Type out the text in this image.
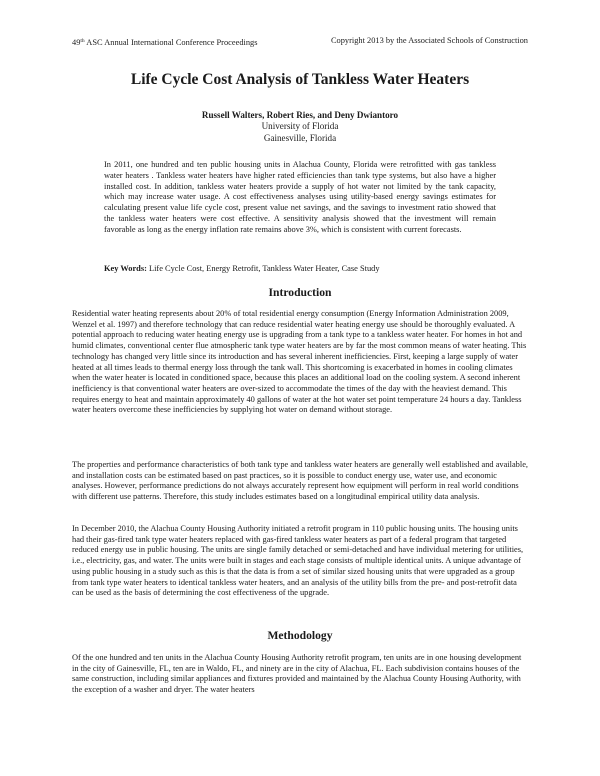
49th ASC Annual International Conference Proceedings	Copyright 2013 by the Associated Schools of Construction
Life Cycle Cost Analysis of Tankless Water Heaters
Russell Walters, Robert Ries, and Deny Dwiantoro
University of Florida
Gainesville, Florida
In 2011, one hundred and ten public housing units in Alachua County, Florida were retrofitted with gas tankless water heaters . Tankless water heaters have higher rated efficiencies than tank type systems, but also have a higher installed cost. In addition, tankless water heaters provide a supply of hot water not limited by the tank capacity, which may increase water usage. A cost effectiveness analyses using utility-based energy savings estimates for calculating present value life cycle cost, present value net savings, and the savings to investment ratio showed that the tankless water heaters were cost effective. A sensitivity analysis showed that the investment will remain favorable as long as the energy inflation rate remains above 3%, which is consistent with current forecasts.
Key Words: Life Cycle Cost, Energy Retrofit, Tankless Water Heater, Case Study
Introduction
Residential water heating represents about 20% of total residential energy consumption (Energy Information Administration 2009, Wenzel et al. 1997) and therefore technology that can reduce residential water heating energy use should be thoroughly evaluated. A potential approach to reducing water heating energy use is upgrading from a tank type to a tankless water heater. For homes in hot and humid climates, conventional center flue atmospheric tank type water heaters are by far the most common means of water heating. This technology has changed very little since its introduction and has several inherent inefficiencies. First, keeping a large supply of water heated at all times leads to thermal energy loss through the tank wall. This shortcoming is exacerbated in homes in cooling climates when the water heater is located in conditioned space, because this places an additional load on the cooling system. A second inherent inefficiency is that conventional water heaters are over-sized to accommodate the times of the day with the heaviest demand. This requires energy to heat and maintain approximately 40 gallons of water at the hot water set point temperature 24 hours a day. Tankless water heaters overcome these inefficiencies by supplying hot water on demand without storage.
The properties and performance characteristics of both tank type and tankless water heaters are generally well established and available, and installation costs can be estimated based on past practices, so it is possible to conduct energy use, water use, and economic analyses. However, performance predictions do not always accurately represent how equipment will perform in real world conditions with different use patterns. Therefore, this study includes estimates based on a longitudinal empirical utility data analysis.
In December 2010, the Alachua County Housing Authority initiated a retrofit program in 110 public housing units. The housing units had their gas-fired tank type water heaters replaced with gas-fired tankless water heaters as part of a federal program that targeted reduced energy use in public housing. The units are single family detached or semi-detached and have individual metering for utilities, i.e., electricity, gas, and water. The units were built in stages and each stage consists of multiple identical units. A unique advantage of using public housing in a study such as this is that the data is from a set of similar sized housing units that were upgraded as a group from tank type water heaters to identical tankless water heaters, and an analysis of the utility bills from the pre- and post-retrofit data can be used as the basis of determining the cost effectiveness of the upgrade.
Methodology
Of the one hundred and ten units in the Alachua County Housing Authority retrofit program, ten units are in one housing development in the city of Gainesville, FL, ten are in Waldo, FL, and ninety are in the city of Alachua, FL. Each subdivision contains houses of the same construction, including similar appliances and fixtures provided and maintained by the Alachua County Housing Authority, with the exception of a washer and dryer. The water heaters
